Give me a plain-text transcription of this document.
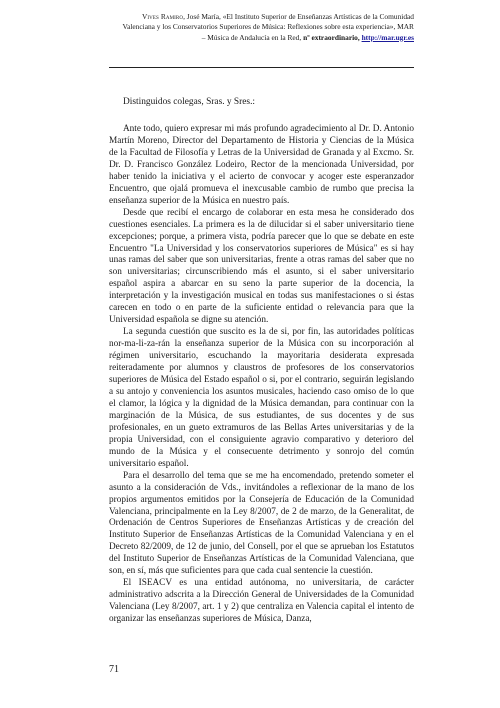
Vives Ramiro, José María, «El Instituto Superior de Enseñanzas Artísticas de la Comunidad
Valenciana y los Conservatorios Superiores de Música: Reflexiones sobre esta experiencia», MAR
– Música de Andalucía en la Red, nº extraordinario, http://mar.ugr.es
Distinguidos colegas, Sras. y Sres.:

Ante todo, quiero expresar mi más profundo agradecimiento al Dr. D. Antonio Martín Moreno, Director del Departamento de Historia y Ciencias de la Música de la Facultad de Filosofía y Letras de la Universidad de Granada y al Excmo. Sr. Dr. D. Francisco González Lodeiro, Rector de la mencionada Universidad, por haber tenido la iniciativa y el acierto de convocar y acoger este esperanzador Encuentro, que ojalá promueva el inexcusable cambio de rumbo que precisa la enseñanza superior de la Música en nuestro país.

Desde que recibí el encargo de colaborar en esta mesa he considerado dos cuestiones esenciales. La primera es la de dilucidar si el saber universitario tiene excepciones; porque, a primera vista, podría parecer que lo que se debate en este Encuentro "La Universidad y los conservatorios superiores de Música" es si hay unas ramas del saber que son universitarias, frente a otras ramas del saber que no son universitarias; circunscribiendo más el asunto, si el saber universitario español aspira a abarcar en su seno la parte superior de la docencia, la interpretación y la investigación musical en todas sus manifestaciones o si éstas carecen en todo o en parte de la suficiente entidad o relevancia para que la Universidad española se digne su atención.

La segunda cuestión que suscito es la de si, por fin, las autoridades políticas nor-ma-li-za-rán la enseñanza superior de la Música con su incorporación al régimen universitario, escuchando la mayoritaria desiderata expresada reiteradamente por alumnos y claustros de profesores de los conservatorios superiores de Música del Estado español o si, por el contrario, seguirán legislando a su antojo y conveniencia los asuntos musicales, haciendo caso omiso de lo que el clamor, la lógica y la dignidad de la Música demandan, para continuar con la marginación de la Música, de sus estudiantes, de sus docentes y de sus profesionales, en un gueto extramuros de las Bellas Artes universitarias y de la propia Universidad, con el consiguiente agravio comparativo y deterioro del mundo de la Música y el consecuente detrimento y sonrojo del común universitario español.

Para el desarrollo del tema que se me ha encomendado, pretendo someter el asunto a la consideración de Vds., invitándoles a reflexionar de la mano de los propios argumentos emitidos por la Consejería de Educación de la Comunidad Valenciana, principalmente en la Ley 8/2007, de 2 de marzo, de la Generalitat, de Ordenación de Centros Superiores de Enseñanzas Artísticas y de creación del Instituto Superior de Enseñanzas Artísticas de la Comunidad Valenciana y en el Decreto 82/2009, de 12 de junio, del Consell, por el que se aprueban los Estatutos del Instituto Superior de Enseñanzas Artísticas de la Comunidad Valenciana, que son, en sí, más que suficientes para que cada cual sentencie la cuestión.

El ISEACV es una entidad autónoma, no universitaria, de carácter administrativo adscrita a la Dirección General de Universidades de la Comunidad Valenciana (Ley 8/2007, art. 1 y 2) que centraliza en Valencia capital el intento de organizar las enseñanzas superiores de Música, Danza,

71
